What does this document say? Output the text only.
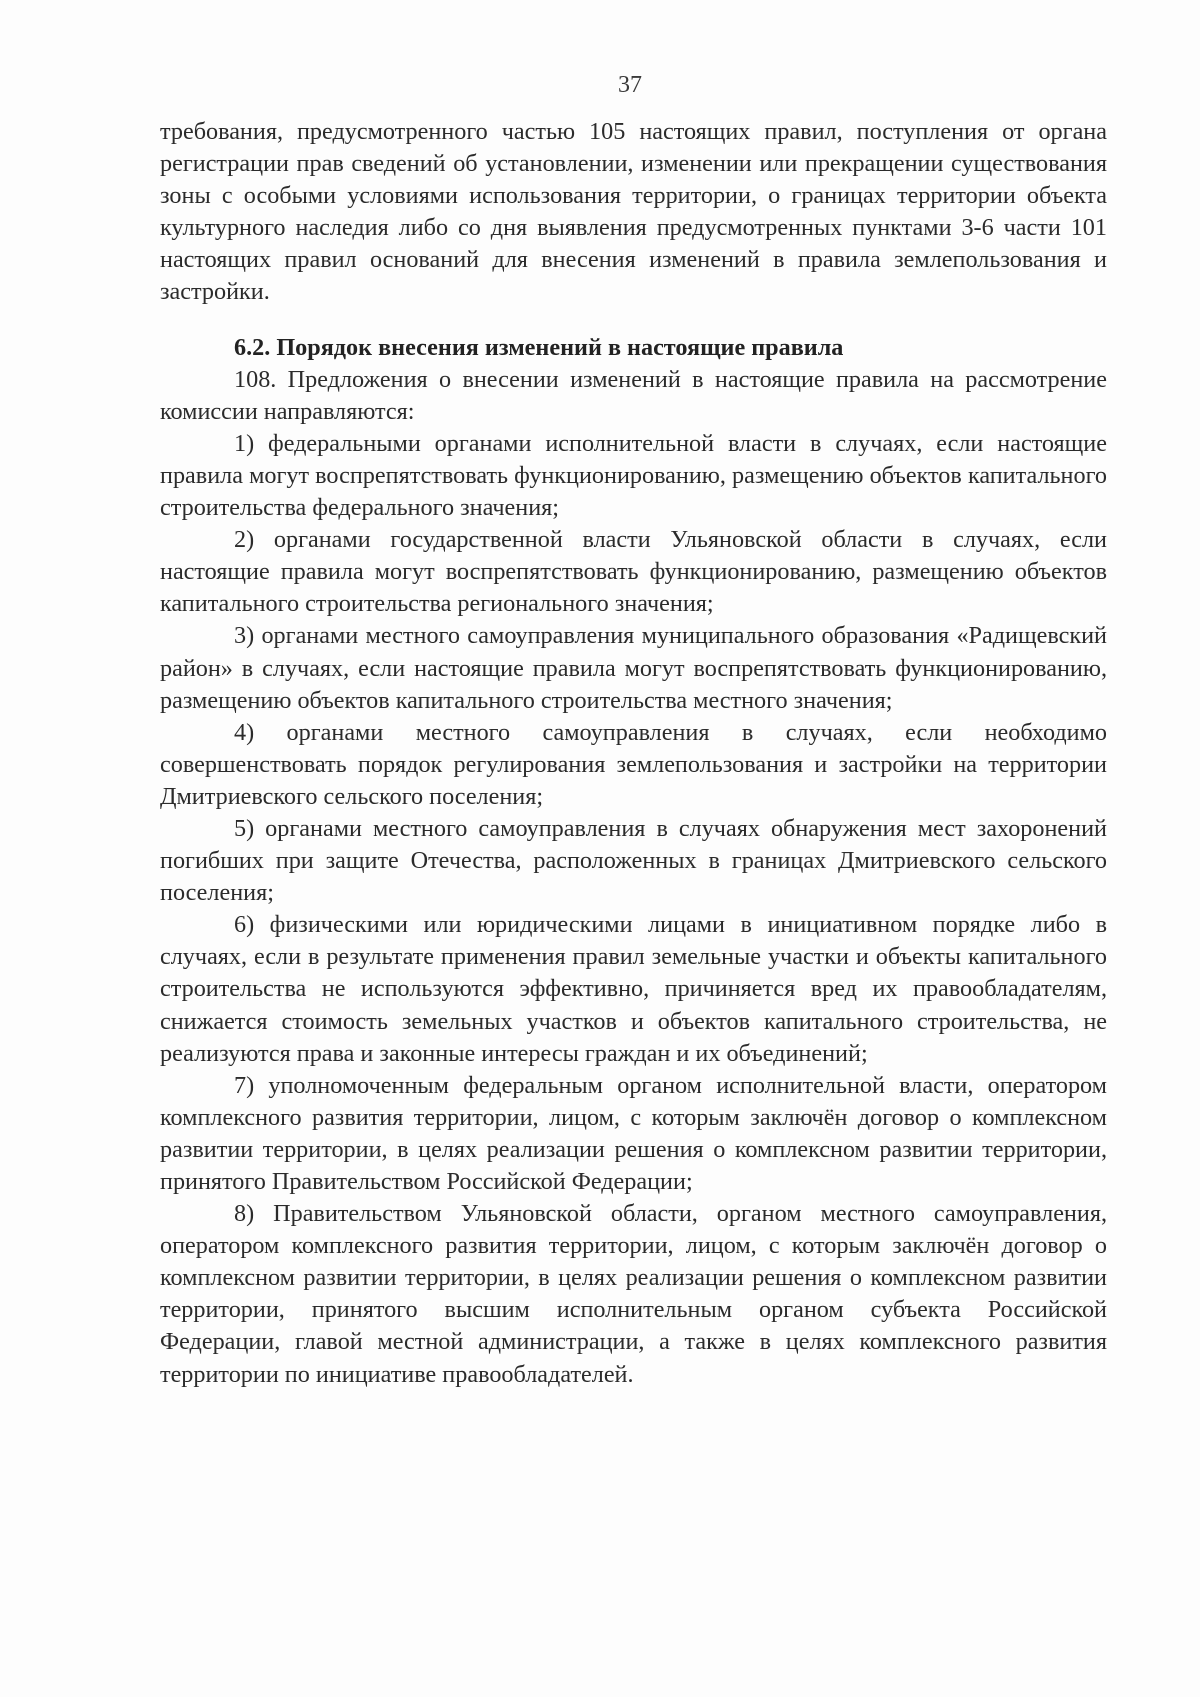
37

требования, предусмотренного частью 105 настоящих правил, поступления от органа регистрации прав сведений об установлении, изменении или прекращении существования зоны с особыми условиями использования территории, о границах территории объекта культурного наследия либо со дня выявления предусмотренных пунктами 3-6 части 101 настоящих правил оснований для внесения изменений в правила землепользования и застройки.

6.2. Порядок внесения изменений в настоящие правила

108. Предложения о внесении изменений в настоящие правила на рассмотрение комиссии направляются:

1) федеральными органами исполнительной власти в случаях, если настоящие правила могут воспрепятствовать функционированию, размещению объектов капитального строительства федерального значения;

2) органами государственной власти Ульяновской области в случаях, если настоящие правила могут воспрепятствовать функционированию, размещению объектов капитального строительства регионального значения;

3) органами местного самоуправления муниципального образования «Радищевский район» в случаях, если настоящие правила могут воспрепятствовать функционированию, размещению объектов капитального строительства местного значения;

4) органами местного самоуправления в случаях, если необходимо совершенствовать порядок регулирования землепользования и застройки на территории Дмитриевского сельского поселения;

5) органами местного самоуправления в случаях обнаружения мест захоронений погибших при защите Отечества, расположенных в границах Дмитриевского сельского поселения;

6) физическими или юридическими лицами в инициативном порядке либо в случаях, если в результате применения правил земельные участки и объекты капитального строительства не используются эффективно, причиняется вред их правообладателям, снижается стоимость земельных участков и объектов капитального строительства, не реализуются права и законные интересы граждан и их объединений;

7) уполномоченным федеральным органом исполнительной власти, оператором комплексного развития территории, лицом, с которым заключён договор о комплексном развитии территории, в целях реализации решения о комплексном развитии территории, принятого Правительством Российской Федерации;

8) Правительством Ульяновской области, органом местного самоуправления, оператором комплексного развития территории, лицом, с которым заключён договор о комплексном развитии территории, в целях реализации решения о комплексном развитии территории, принятого высшим исполнительным органом субъекта Российской Федерации, главой местной администрации, а также в целях комплексного развития территории по инициативе правообладателей.
